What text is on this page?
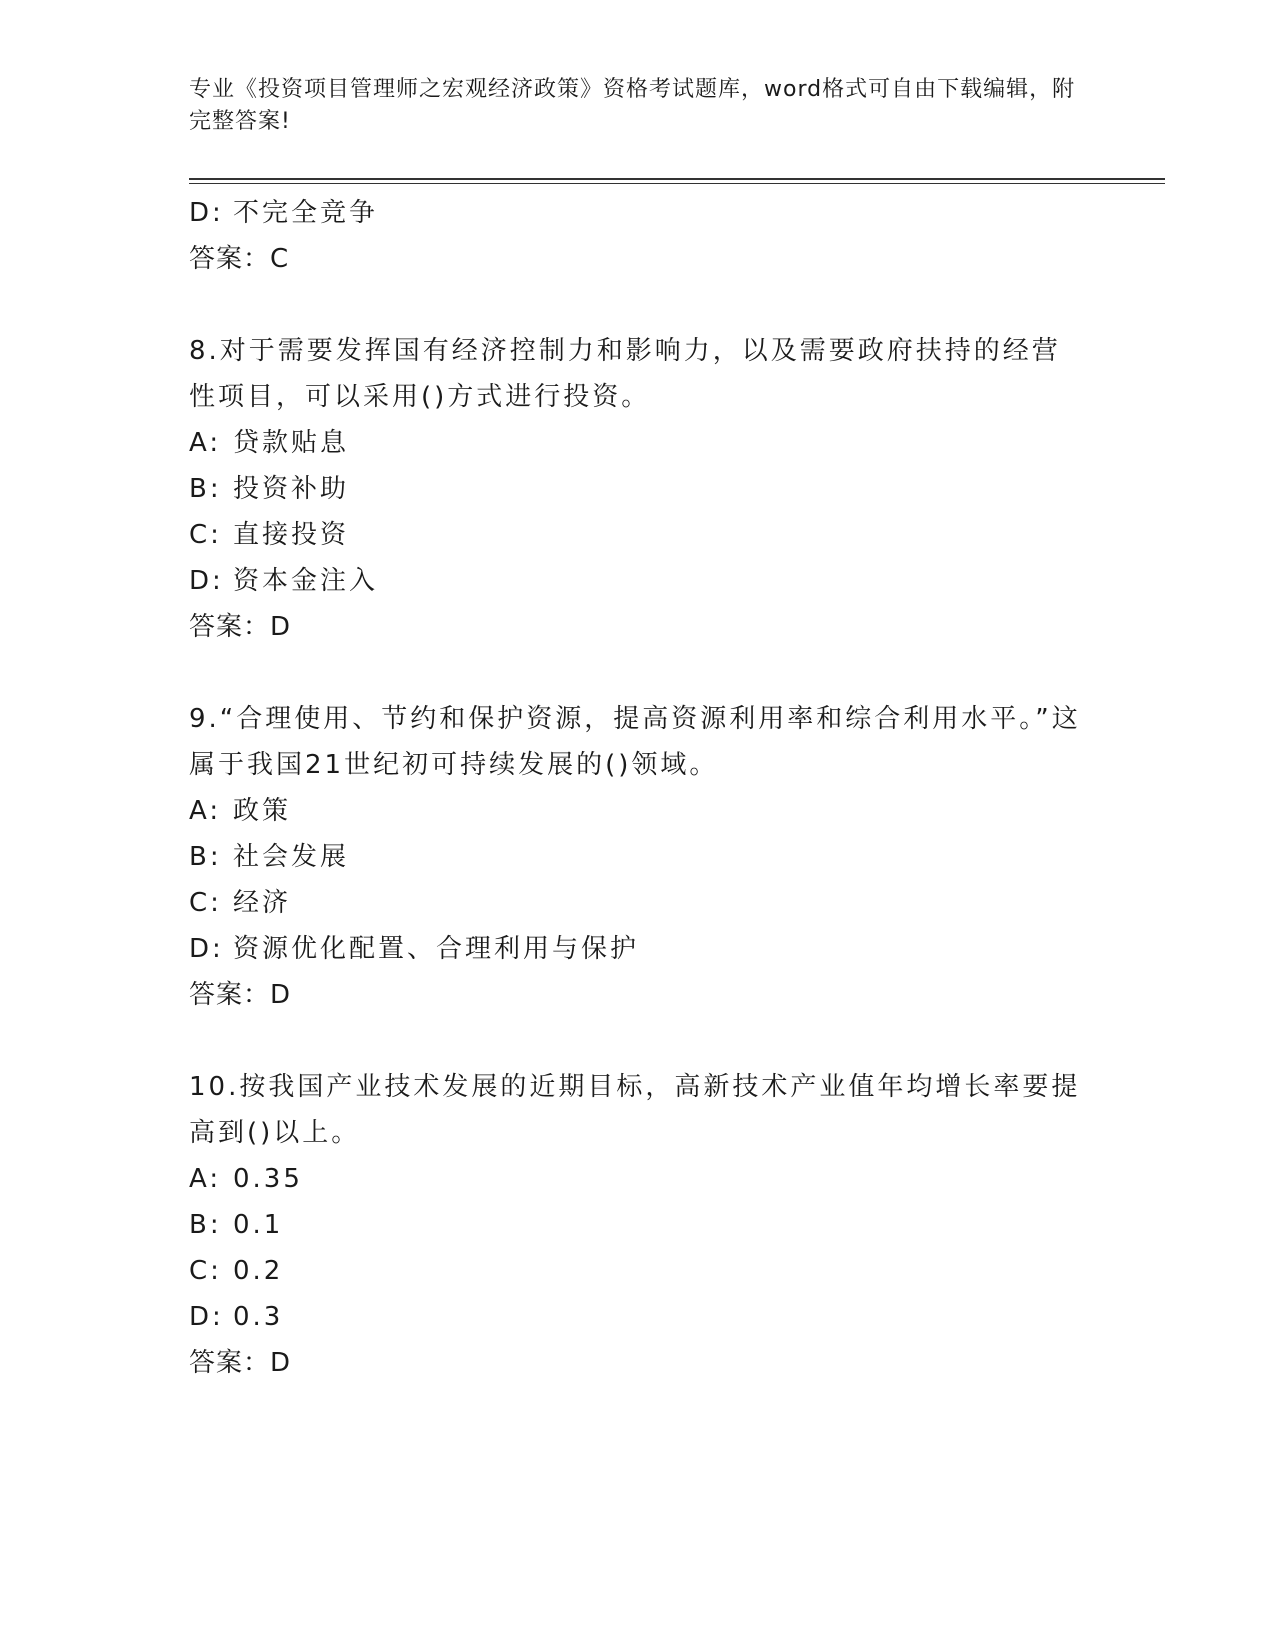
专业《投资项目管理师之宏观经济政策》资格考试题库，word格式可自由下载编辑，附完整答案!
D: 不完全竞争
答案：C
8.对于需要发挥国有经济控制力和影响力，以及需要政府扶持的经营性项目，可以采用()方式进行投资。
A: 贷款贴息
B: 投资补助
C: 直接投资
D: 资本金注入
答案：D
9.“合理使用、节约和保护资源，提高资源利用率和综合利用水平。”这属于我国21世纪初可持续发展的()领域。
A: 政策
B: 社会发展
C: 经济
D: 资源优化配置、合理利用与保护
答案：D
10.按我国产业技术发展的近期目标，高新技术产业值年均增长率要提高到()以上。
A: 0.35
B: 0.1
C: 0.2
D: 0.3
答案：D
